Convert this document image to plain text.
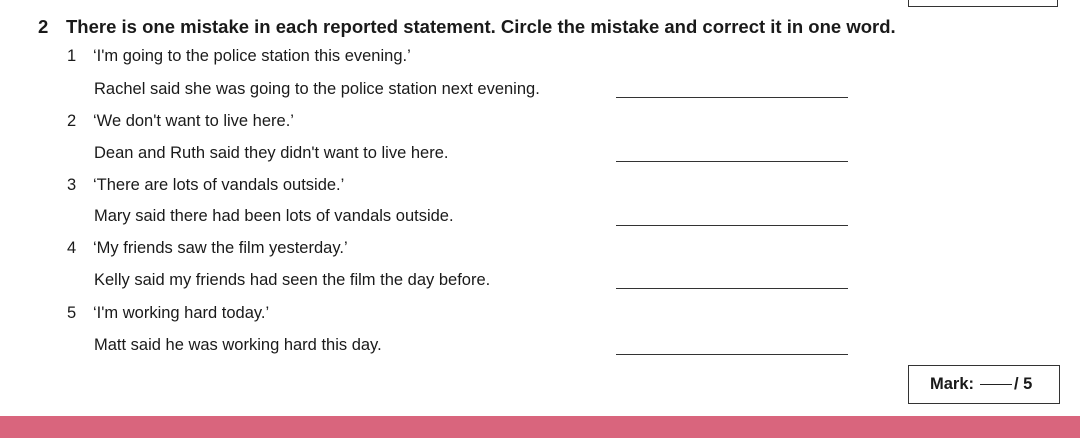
2 There is one mistake in each reported statement. Circle the mistake and correct it in one word.
1 ‘I'm going to the police station this evening.’
Rachel said she was going to the police station next evening.
2 ‘We don't want to live here.’
Dean and Ruth said they didn't want to live here.
3 ‘There are lots of vandals outside.’
Mary said there had been lots of vandals outside.
4 ‘My friends saw the film yesterday.’
Kelly said my friends had seen the film the day before.
5 ‘I'm working hard today.’
Matt said he was working hard this day.
Mark: / 5
